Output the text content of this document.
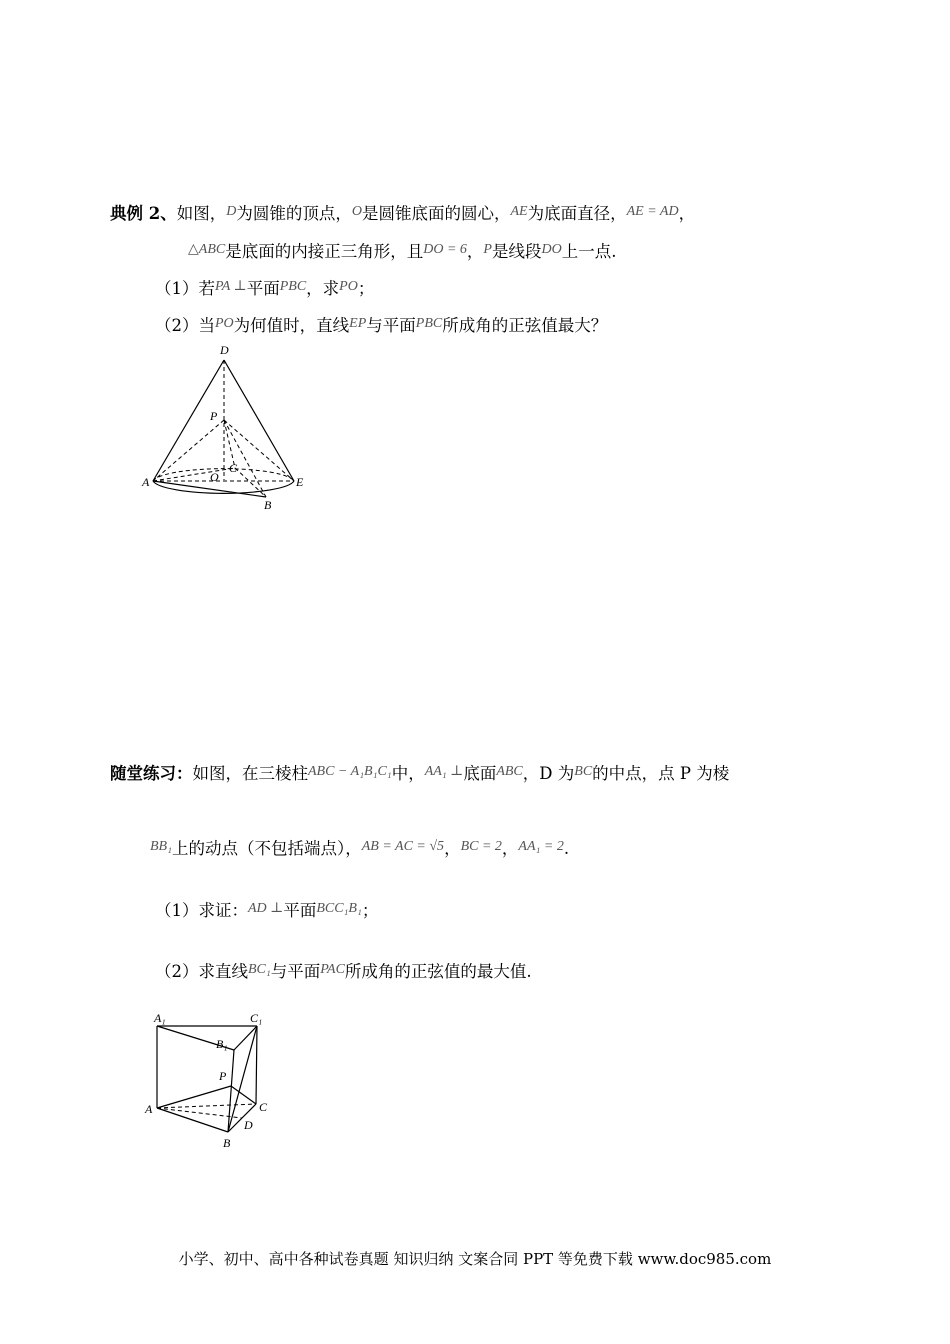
典例 2、如图，$^D$为圆锥的顶点，$^O$是圆锥底面的圆心，$^{AE}$为底面直径，$^{AE = AD}$，
$^{\triangle ABC}$是底面的内接正三角形，且$^{DO = 6}$，$^P$是线段$^{DO}$上一点.
（1）若$^{PA \perp}$平面$^{PBC}$，求$^{PO}$；
（2）当$^{PO}$为何值时，直线$^{EP}$与平面$^{PBC}$所成角的正弦值最大？
D
P
C
O
A	E
B
随堂练习：如图，在三棱柱$^{ABC - A_1B_1C_1}$中，$^{AA_1 \perp}$底面$^{ABC}$，D 为$^{BC}$的中点，点 P 为棱
$^{BB_1}$上的动点（不包括端点），$^{AB = AC = √5}$，$^{BC = 2}$，$^{AA_1 = 2}$.
（1）求证：$^{AD \perp}$平面$^{BCC_1B_1}$；
（2）求直线$^{BC_1}$与平面$^{PAC}$所成角的正弦值的最大值.
A₁	C₁
B₁
P
A	C
D
B
小学、初中、高中各种试卷真题 知识归纳 文案合同 PPT 等免费下载 www.doc985.com
